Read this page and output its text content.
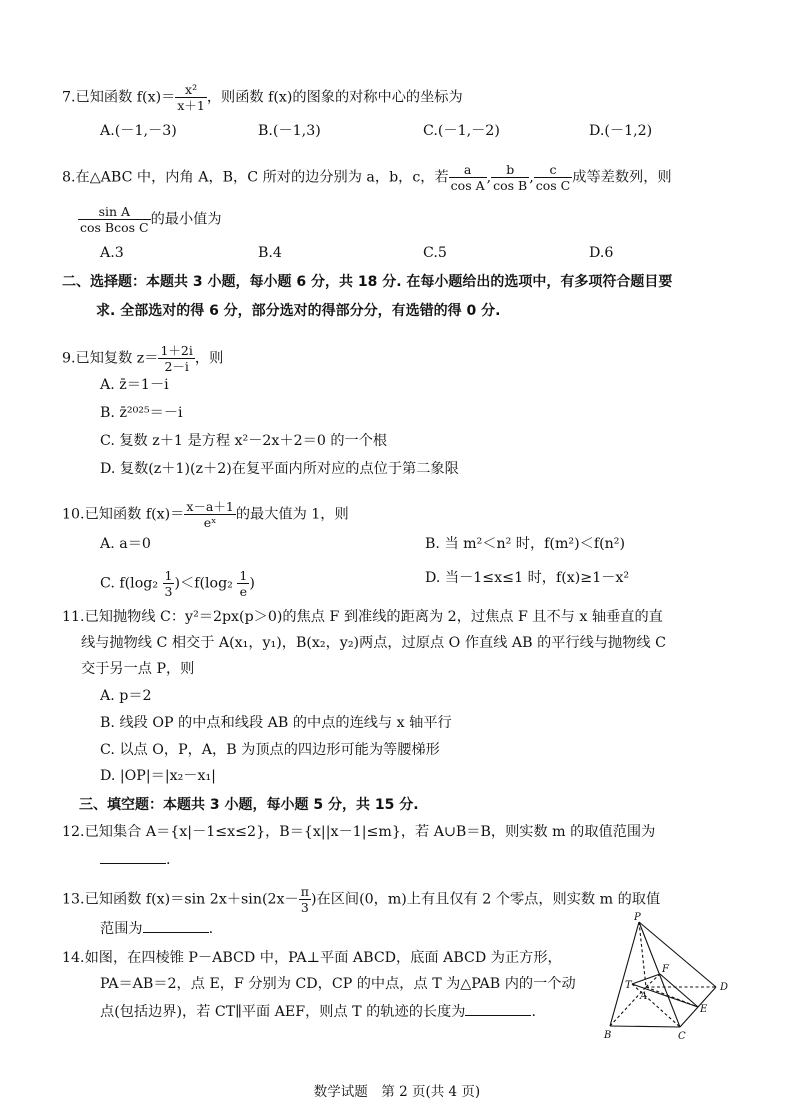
7.已知函数 $f(x)= \frac{\text{x²}}{x+1}$ ，则函数 f(x)的图象的对称中心的坐标为
A.(－1,－3)	B.(－1,3)	C.(－1,－2)	D.(－1,2)
8.在△ABC 中，内角 A，B，C 所对的边分别为 a，b，c，若 $\frac{a}{\text{cos A}}$ , $\frac{b}{\text{cos B}}$ , $\frac{c}{\text{cos C}}$ 成等差数列，则
$\frac{\text{sin A}}{\text{cos Bcos C}}$ 的最小值为
A.3	B.4	C.5	D.6
二、选择题：本题共 3 小题，每小题 6 分，共 18 分. 在每小题给出的选项中，有多项符合题目要
求. 全部选对的得 6 分，部分选对的得部分分，有选错的得 0 分.
9.已知复数 $z= \frac{1+2i}{2-i}$ ，则
A. z̄＝1－i
B. z̄²⁰²⁵＝－i
C. 复数 z＋1 是方程 x²－2x＋2＝0 的一个根
D. 复数(z＋1)(z＋2)在复平面内所对应的点位于第二象限
10.已知函数 $f(x)= \frac{x-a+1}{\text{eˣ}}$ 的最大值为 1，则
A. a＝0	B. 当 m²＜n² 时，f(m²)＜f(n²)
C. $f(\log_2 \frac{1}{3} )<f(\log_2 \frac{1}{e}$ )	D. 当－1≤x≤1 时，f(x)≥1－x²
11.已知抛物线 C：y²＝2px(p＞0)的焦点 F 到准线的距离为 2，过焦点 F 且不与 x 轴垂直的直
线与抛物线 C 相交于 A(x₁，y₁)，B(x₂，y₂)两点，过原点 O 作直线 AB 的平行线与抛物线 C
交于另一点 P，则
A. p＝2
B. 线段 OP 的中点和线段 AB 的中点的连线与 x 轴平行
C. 以点 O，P，A，B 为顶点的四边形可能为等腰梯形
D. |OP|＝|x₂－x₁|
三、填空题：本题共 3 小题，每小题 5 分，共 15 分.
12.已知集合 A＝{x|－1≤x≤2}，B＝{x||x－1|≤m}，若 A∪B＝B，则实数 m 的取值范围为
.
13.已知函数 f(x)＝sin $2x+\sin(2x- \frac{\pi}{3}$ )在区间(0，m)上有且仅有 2 个零点，则实数 m 的取值
范围为	.
14.如图，在四棱锥 P－ABCD 中，PA⊥平面 ABCD，底面 ABCD 为正方形，
PA＝AB＝2，点 E，F 分别为 CD，CP 的中点，点 T 为△PAB 内的一个动
点(包括边界)，若 CT∥平面 AEF，则点 T 的轨迹的长度为	.
P
T
A
F
D
E
B	C
数学试题　第 2 页(共 4 页)
